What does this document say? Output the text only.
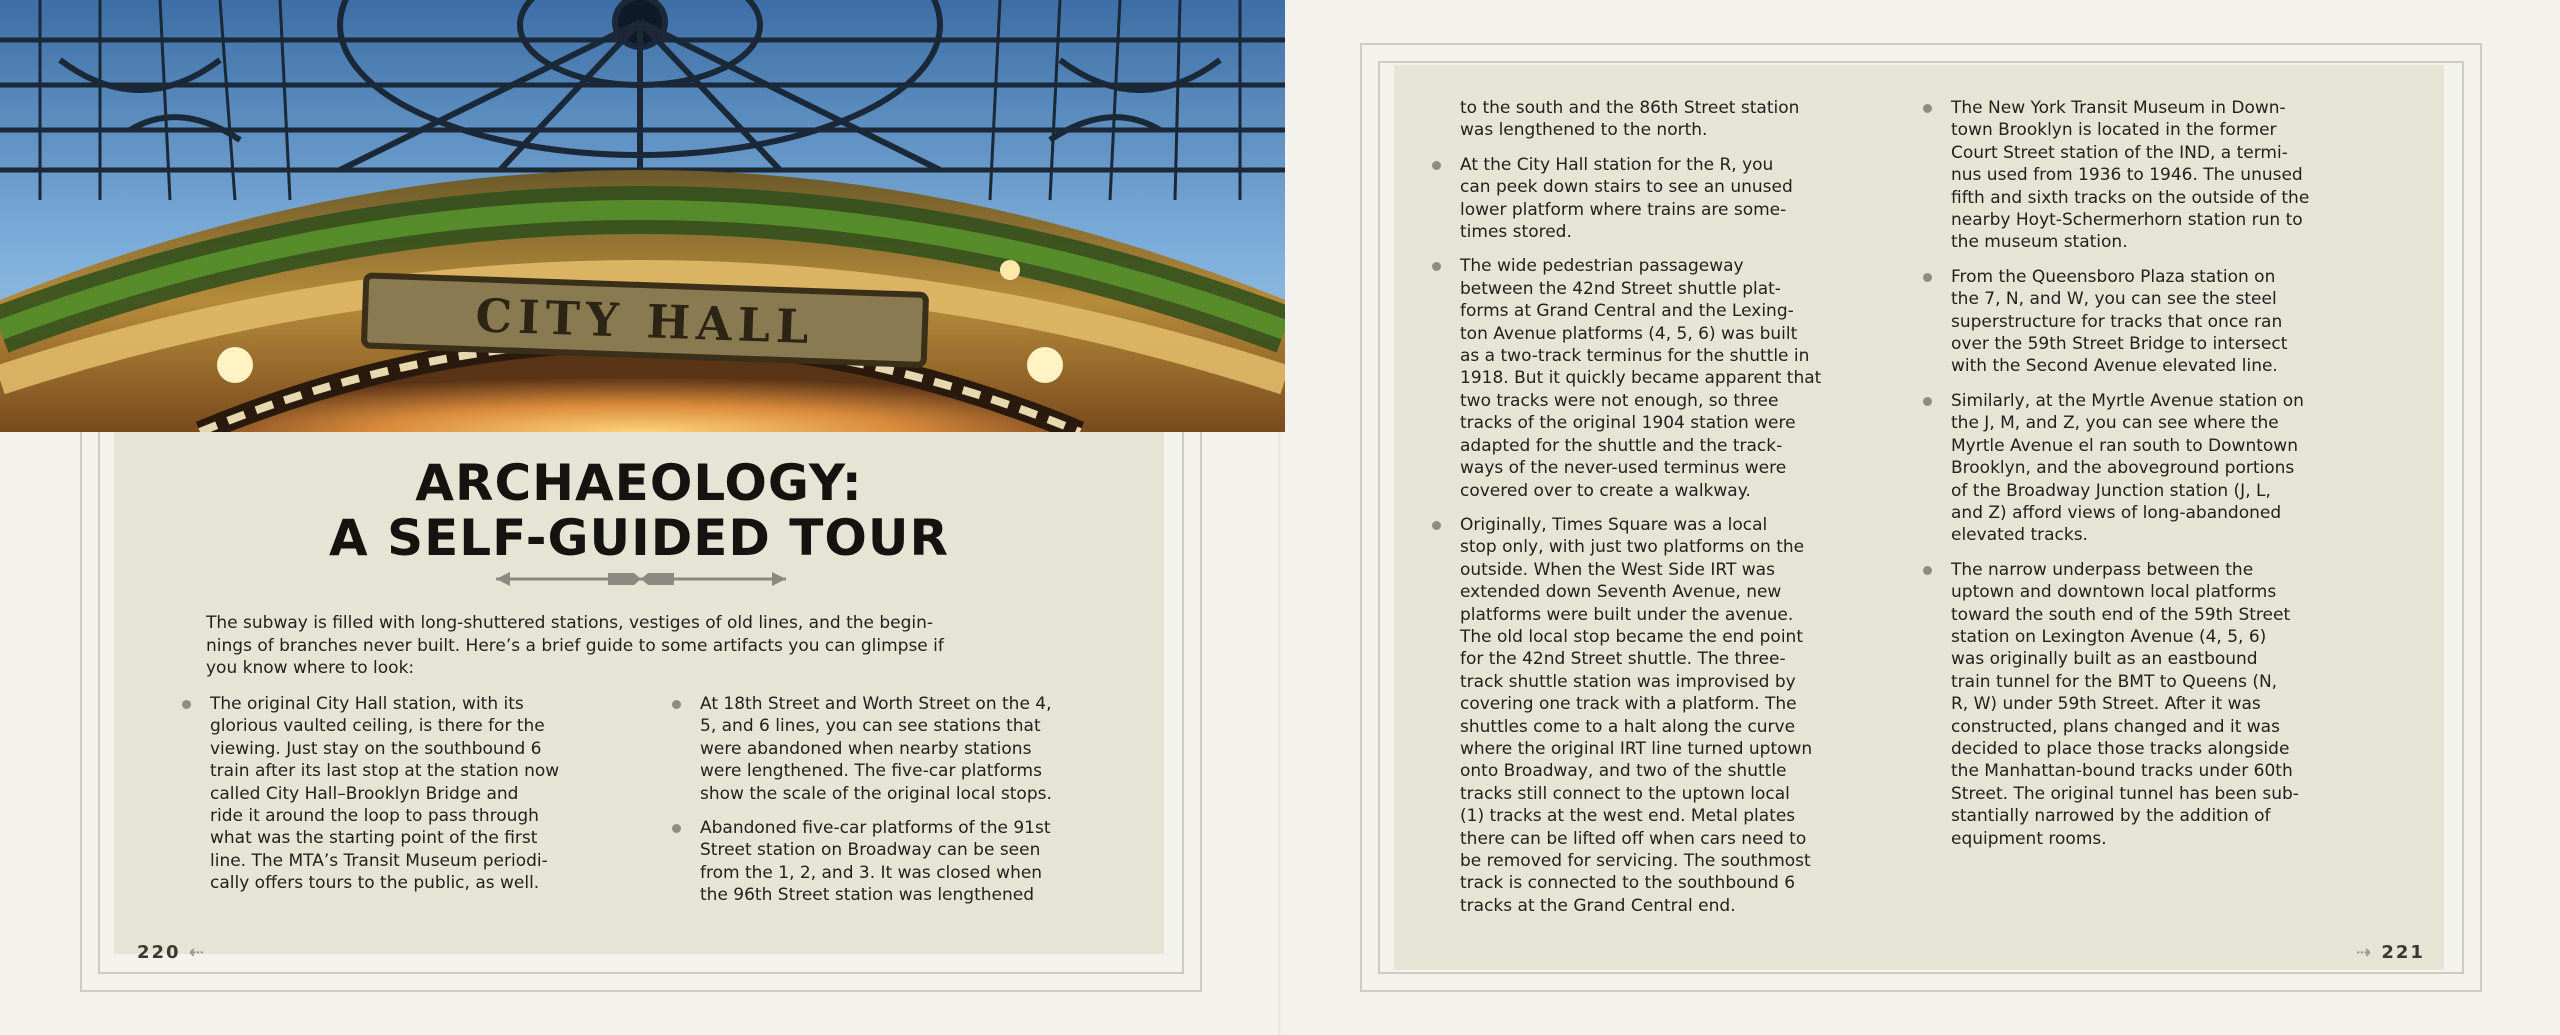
CITY HALL
ARCHAEOLOGY:
A SELF-GUIDED TOUR
The subway is filled with long-shuttered stations, vestiges of old lines, and the begin-
nings of branches never built. Here’s a brief guide to some artifacts you can glimpse if
you know where to look:
The original City Hall station, with its
glorious vaulted ceiling, is there for the
viewing. Just stay on the southbound 6
train after its last stop at the station now
called City Hall–Brooklyn Bridge and
ride it around the loop to pass through
what was the starting point of the first
line. The MTA’s Transit Museum periodi-
cally offers tours to the public, as well.
At 18th Street and Worth Street on the 4,
5, and 6 lines, you can see stations that
were abandoned when nearby stations
were lengthened. The five-car platforms
show the scale of the original local stops.
Abandoned five-car platforms of the 91st
Street station on Broadway can be seen
from the 1, 2, and 3. It was closed when
the 96th Street station was lengthened
220 ⇠
to the south and the 86th Street station
was lengthened to the north.
At the City Hall station for the R, you
can peek down stairs to see an unused
lower platform where trains are some-
times stored.
The wide pedestrian passageway
between the 42nd Street shuttle plat-
forms at Grand Central and the Lexing-
ton Avenue platforms (4, 5, 6) was built
as a two-track terminus for the shuttle in
1918. But it quickly became apparent that
two tracks were not enough, so three
tracks of the original 1904 station were
adapted for the shuttle and the track-
ways of the never-used terminus were
covered over to create a walkway.
Originally, Times Square was a local
stop only, with just two platforms on the
outside. When the West Side IRT was
extended down Seventh Avenue, new
platforms were built under the avenue.
The old local stop became the end point
for the 42nd Street shuttle. The three-
track shuttle station was improvised by
covering one track with a platform. The
shuttles come to a halt along the curve
where the original IRT line turned uptown
onto Broadway, and two of the shuttle
tracks still connect to the uptown local
(1) tracks at the west end. Metal plates
there can be lifted off when cars need to
be removed for servicing. The southmost
track is connected to the southbound 6
tracks at the Grand Central end.
The New York Transit Museum in Down-
town Brooklyn is located in the former
Court Street station of the IND, a termi-
nus used from 1936 to 1946. The unused
fifth and sixth tracks on the outside of the
nearby Hoyt-Schermerhorn station run to
the museum station.
From the Queensboro Plaza station on
the 7, N, and W, you can see the steel
superstructure for tracks that once ran
over the 59th Street Bridge to intersect
with the Second Avenue elevated line.
Similarly, at the Myrtle Avenue station on
the J, M, and Z, you can see where the
Myrtle Avenue el ran south to Downtown
Brooklyn, and the aboveground portions
of the Broadway Junction station (J, L,
and Z) afford views of long-abandoned
elevated tracks.
The narrow underpass between the
uptown and downtown local platforms
toward the south end of the 59th Street
station on Lexington Avenue (4, 5, 6)
was originally built as an eastbound
train tunnel for the BMT to Queens (N,
R, W) under 59th Street. After it was
constructed, plans changed and it was
decided to place those tracks alongside
the Manhattan-bound tracks under 60th
Street. The original tunnel has been sub-
stantially narrowed by the addition of
equipment rooms.
⇢ 221
